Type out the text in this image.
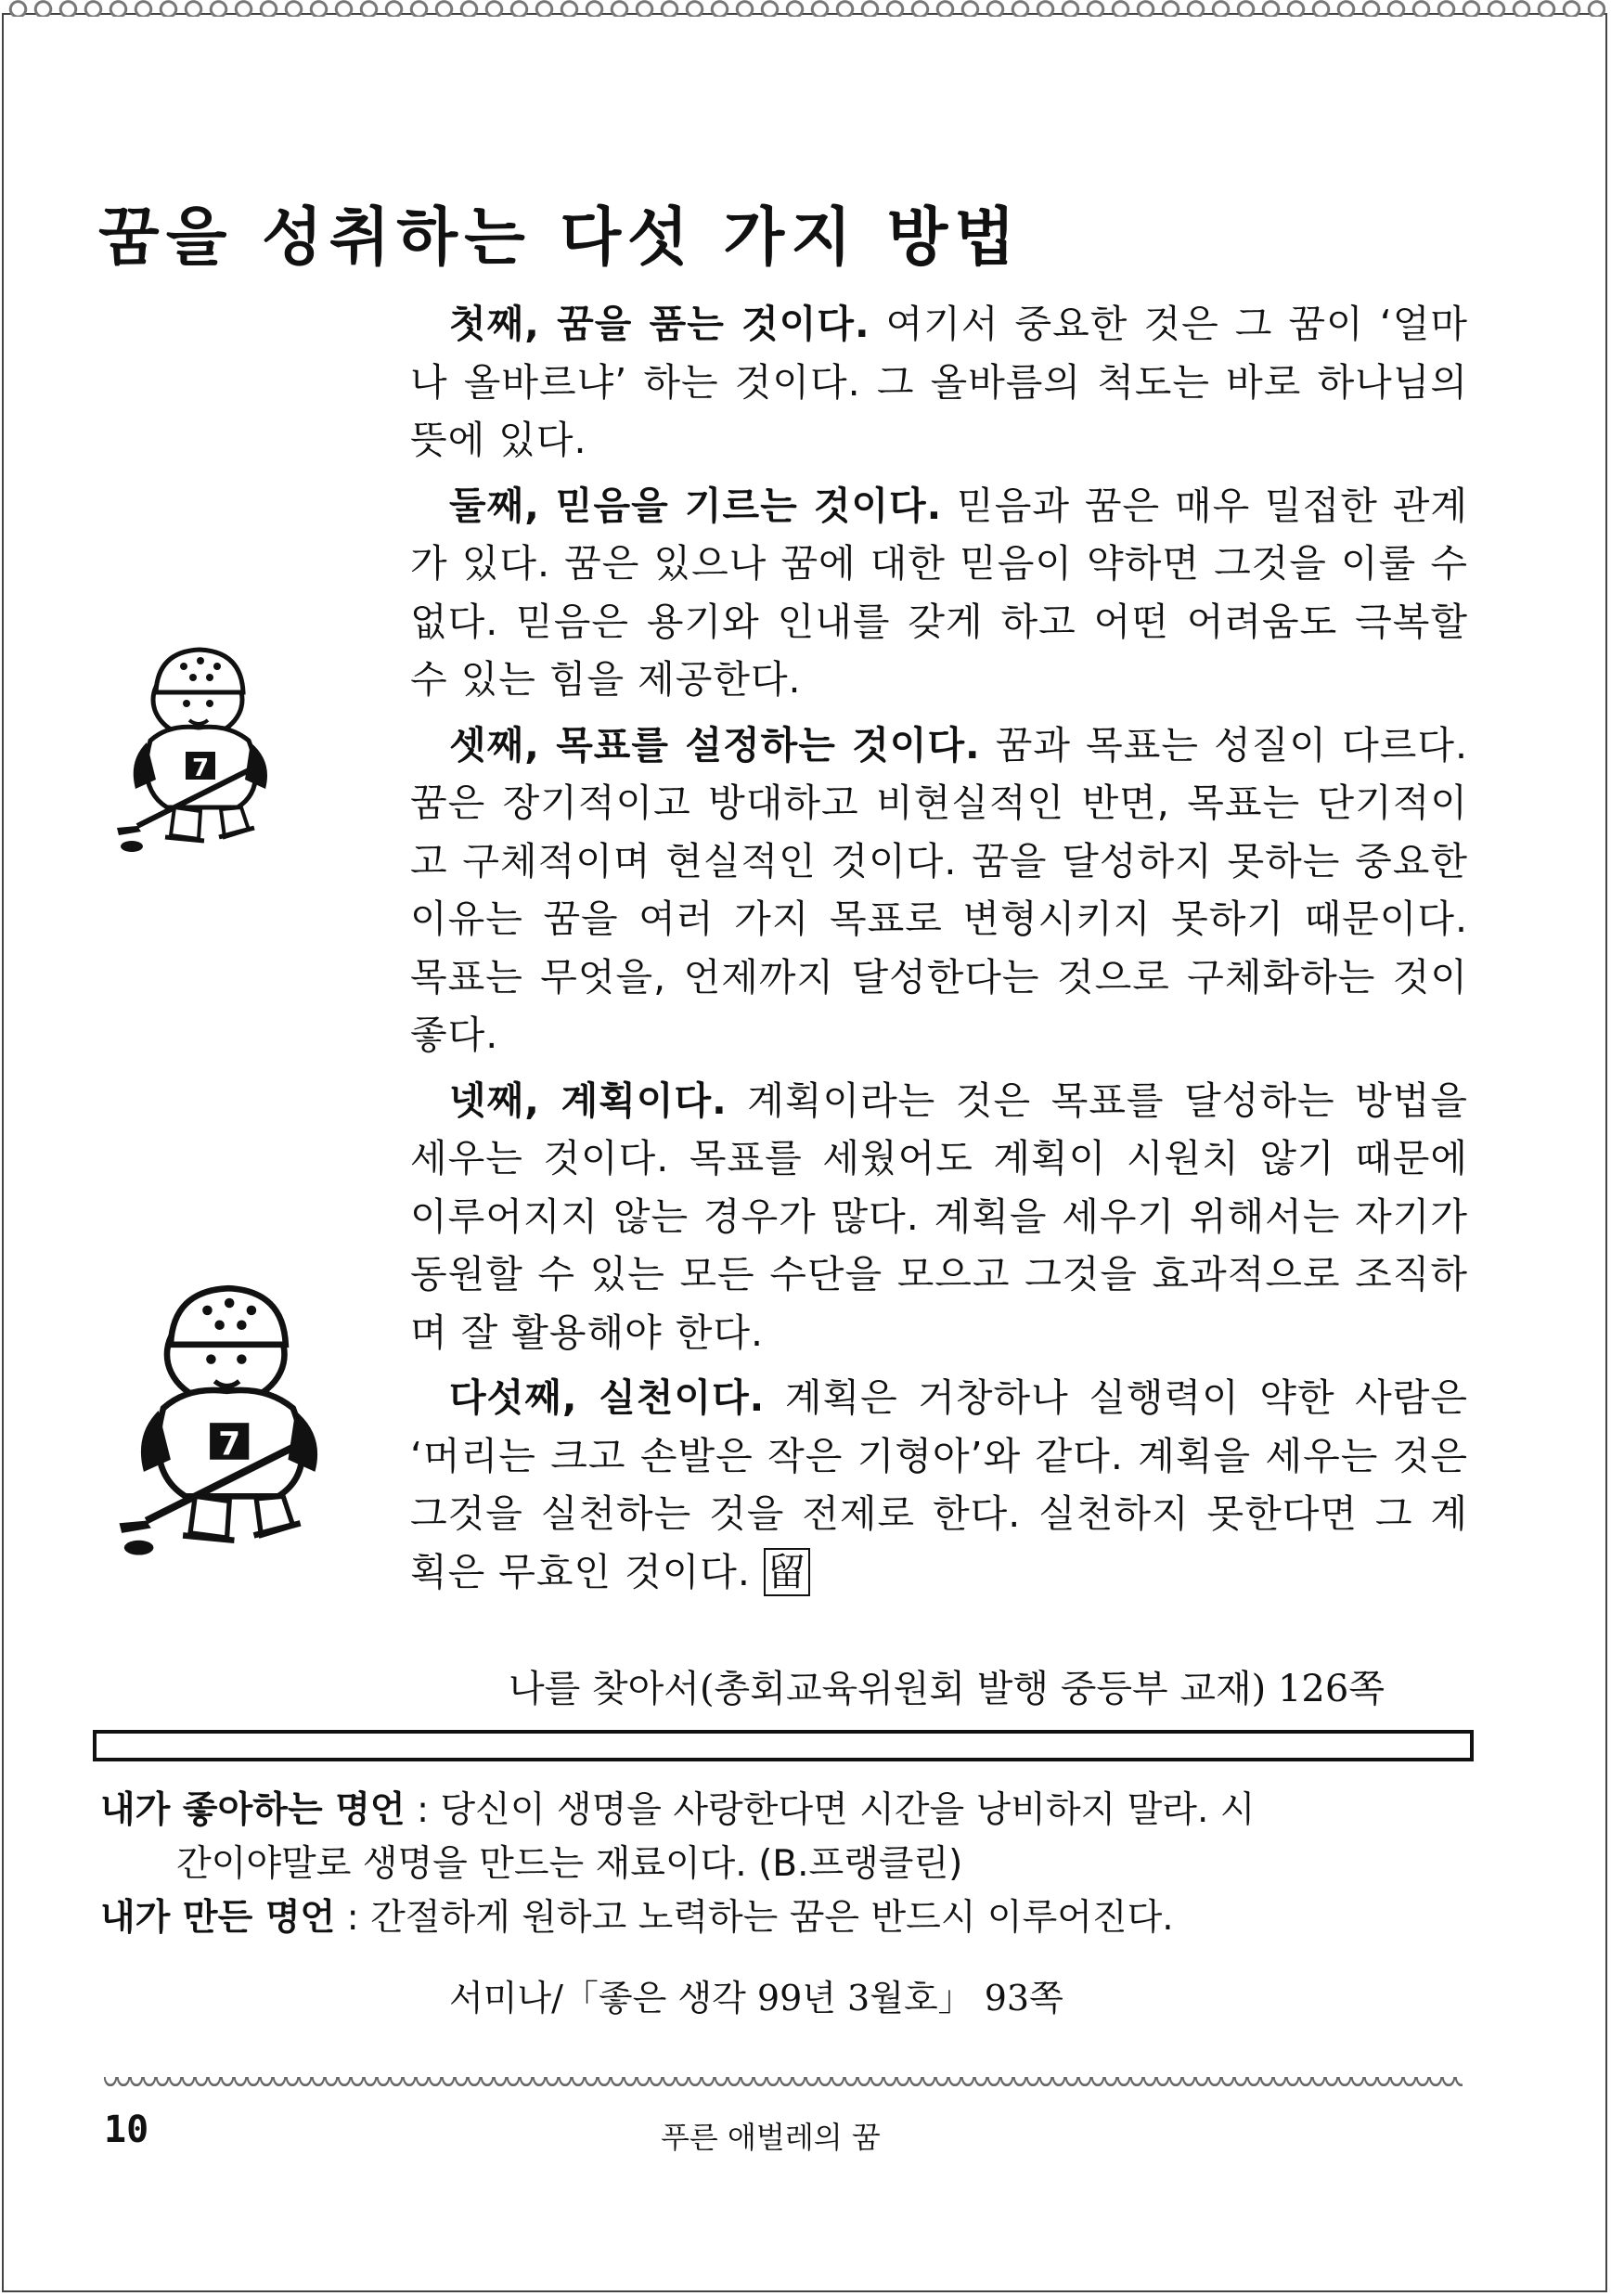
꿈을 성취하는 다섯 가지 방법
7
7

첫째, 꿈을 품는 것이다. 여기서 중요한 것은 그 꿈이 ‘얼마나 올바르냐’ 하는 것이다. 그 올바름의 척도는 바로 하나님의 뜻에 있다.

둘째, 믿음을 기르는 것이다. 믿음과 꿈은 매우 밀접한 관계가 있다. 꿈은 있으나 꿈에 대한 믿음이 약하면 그것을 이룰 수 없다. 믿음은 용기와 인내를 갖게 하고 어떤 어려움도 극복할 수 있는 힘을 제공한다.

셋째, 목표를 설정하는 것이다. 꿈과 목표는 성질이 다르다. 꿈은 장기적이고 방대하고 비현실적인 반면, 목표는 단기적이고 구체적이며 현실적인 것이다. 꿈을 달성하지 못하는 중요한 이유는 꿈을 여러 가지 목표로 변형시키지 못하기 때문이다. 목표는 무엇을, 언제까지 달성한다는 것으로 구체화하는 것이 좋다.

넷째, 계획이다. 계획이라는 것은 목표를 달성하는 방법을 세우는 것이다. 목표를 세웠어도 계획이 시원치 않기 때문에 이루어지지 않는 경우가 많다. 계획을 세우기 위해서는 자기가 동원할 수 있는 모든 수단을 모으고 그것을 효과적으로 조직하며 잘 활용해야 한다.

다섯째, 실천이다. 계획은 거창하나 실행력이 약한 사람은 ‘머리는 크고 손발은 작은 기형아’와 같다. 계획을 세우는 것은 그것을 실천하는 것을 전제로 한다. 실천하지 못한다면 그 계획은 무효인 것이다. 留

나를 찾아서(총회교육위원회 발행 중등부 교재) 126쪽

내가 좋아하는 명언 : 당신이 생명을 사랑한다면 시간을 낭비하지 말라. 시

간이야말로 생명을 만드는 재료이다. (B.프랭클린)

내가 만든 명언 : 간절하게 원하고 노력하는 꿈은 반드시 이루어진다.

서미나/「좋은 생각 99년 3월호」 93쪽
10	푸른 애벌레의 꿈
